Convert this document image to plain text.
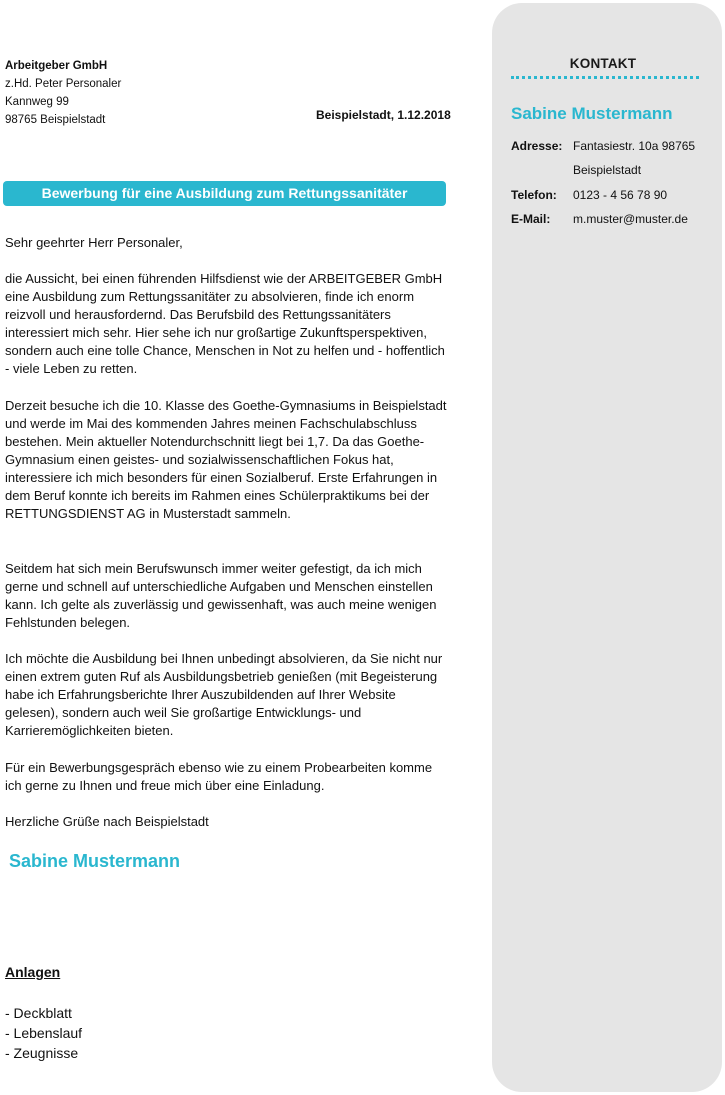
KONTAKT
Sabine Mustermann
Adresse: Fantasiestr. 10a 98765
Beispielstadt
Telefon: 0123 - 4 56 78 90
E-Mail: m.muster@muster.de
Arbeitgeber GmbH
z.Hd. Peter Personaler
Kannweg 99
98765 Beispielstadt	Beispielstadt, 1.12.2018
Bewerbung für eine Ausbildung zum Rettungssanitäter
Sehr geehrter Herr Personaler,
die Aussicht, bei einen führenden Hilfsdienst wie der ARBEITGEBER GmbH eine Ausbildung zum Rettungssanitäter zu absolvieren, finde ich enorm reizvoll und herausfordernd. Das Berufsbild des Rettungssanitäters interessiert mich sehr. Hier sehe ich nur großartige Zukunftsperspektiven, sondern auch eine tolle Chance, Menschen in Not zu helfen und - hoffentlich - viele Leben zu retten.
Derzeit besuche ich die 10. Klasse des Goethe-Gymnasiums in Beispielstadt und werde im Mai des kommenden Jahres meinen Fachschulabschluss bestehen. Mein aktueller Notendurchschnitt liegt bei 1,7. Da das Goethe-Gymnasium einen geistes- und sozialwissenschaftlichen Fokus hat, interessiere ich mich besonders für einen Sozialberuf. Erste Erfahrungen in dem Beruf konnte ich bereits im Rahmen eines Schülerpraktikums bei der RETTUNGSDIENST AG in Musterstadt sammeln.
Seitdem hat sich mein Berufswunsch immer weiter gefestigt, da ich mich gerne und schnell auf unterschiedliche Aufgaben und Menschen einstellen kann. Ich gelte als zuverlässig und gewissenhaft, was auch meine wenigen Fehlstunden belegen.
Ich möchte die Ausbildung bei Ihnen unbedingt absolvieren, da Sie nicht nur einen extrem guten Ruf als Ausbildungsbetrieb genießen (mit Begeisterung habe ich Erfahrungsberichte Ihrer Auszubildenden auf Ihrer Website gelesen), sondern auch weil Sie großartige Entwicklungs- und Karrieremöglichkeiten bieten.
Für ein Bewerbungsgespräch ebenso wie zu einem Probearbeiten komme ich gerne zu Ihnen und freue mich über eine Einladung.
Herzliche Grüße nach Beispielstadt
Sabine Mustermann
Anlagen
- Deckblatt
- Lebenslauf
- Zeugnisse
